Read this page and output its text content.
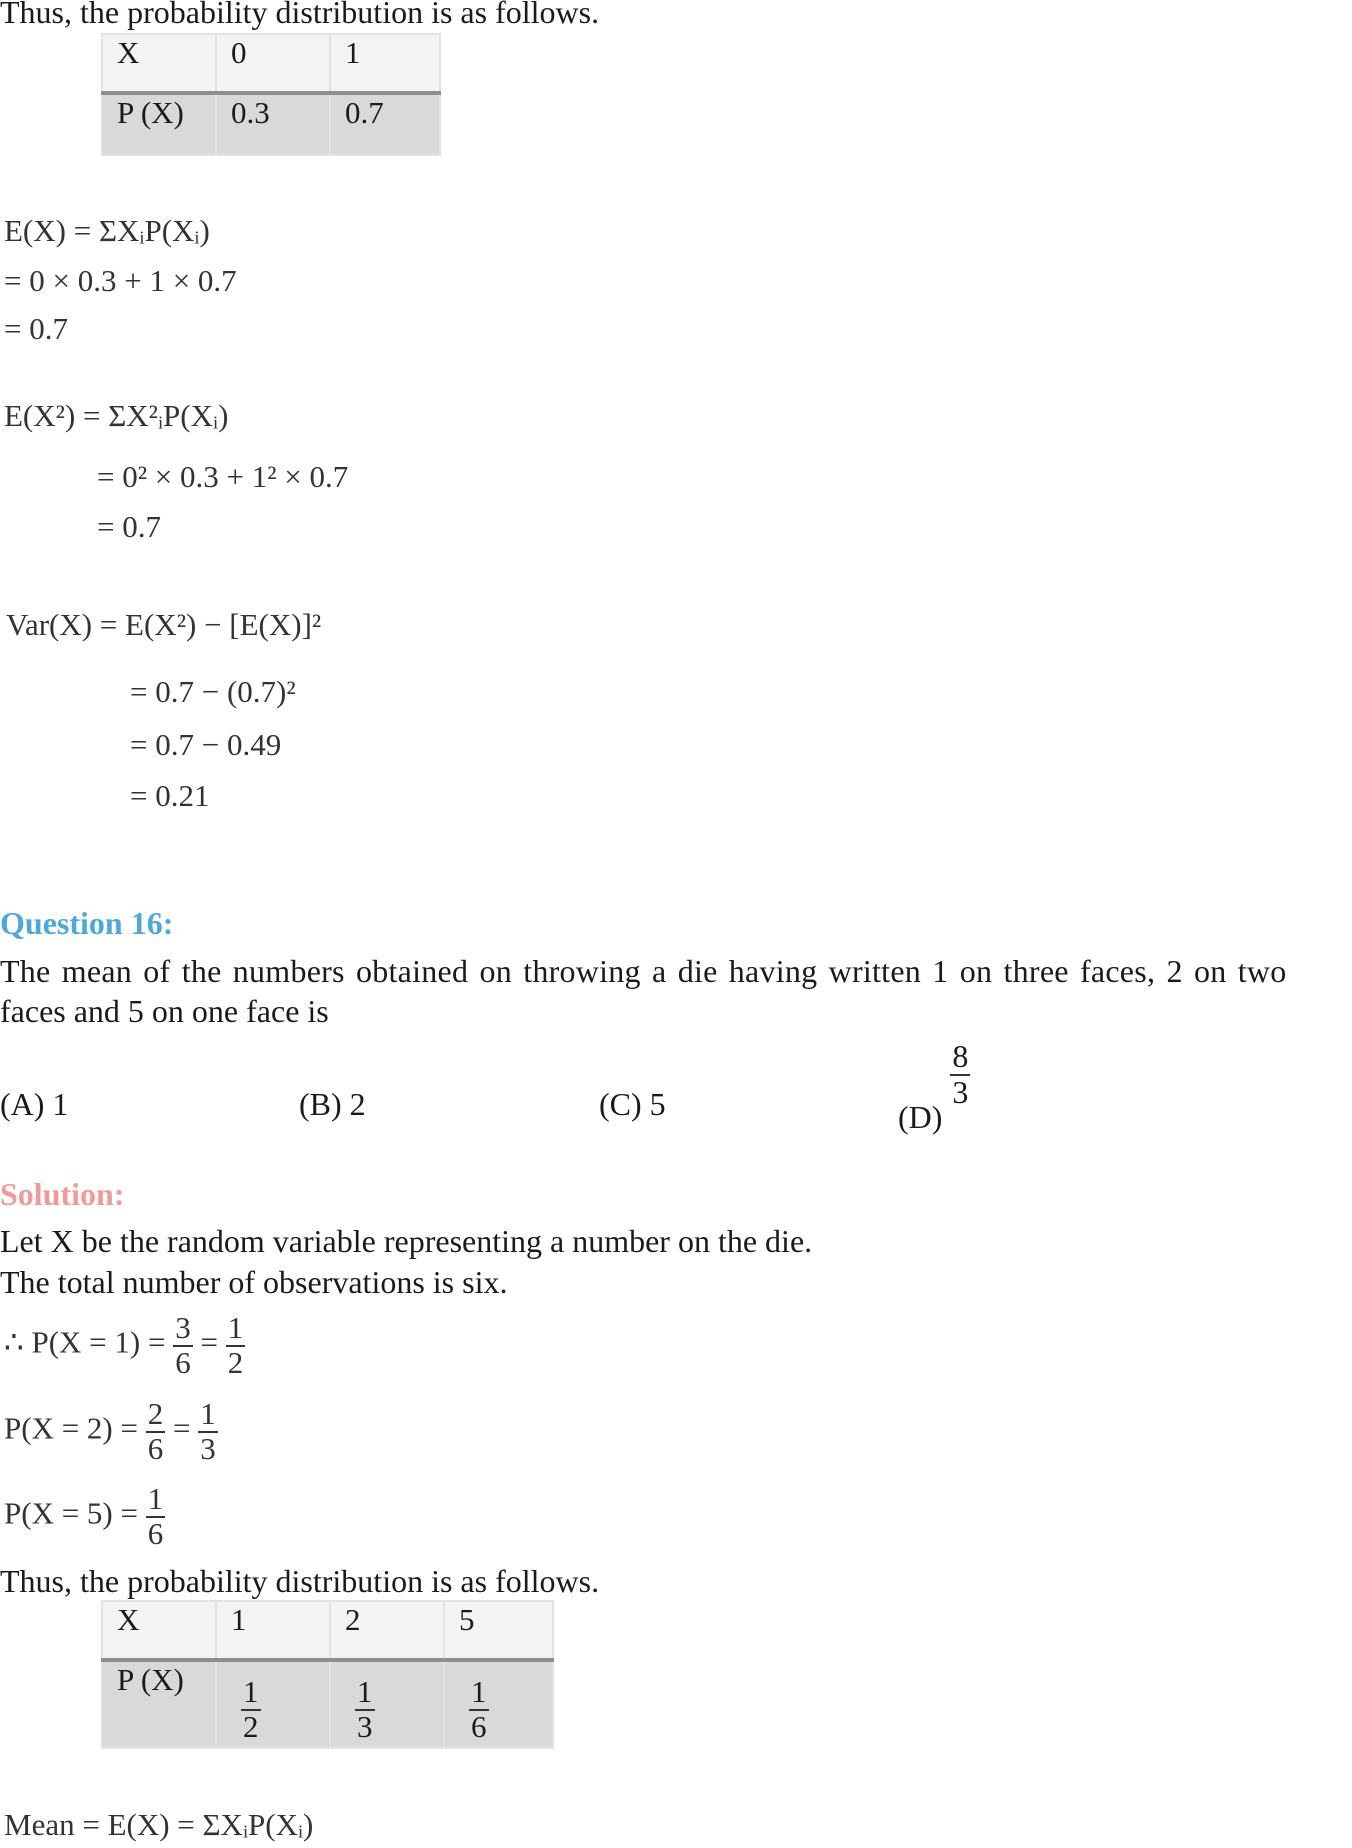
Thus, the probability distribution is as follows.
X	0	1
P (X)	0.3	0.7
E(X) = ΣXᵢP(Xᵢ)
= 0 × 0.3 + 1 × 0.7
= 0.7
E(X²) = ΣX²ᵢP(Xᵢ)
= 0² × 0.3 + 1² × 0.7
= 0.7
Var(X) = E(X²) − [E(X)]²
= 0.7 − (0.7)²
= 0.7 − 0.49
= 0.21
Question 16:
The mean of the numbers obtained on throwing a die having written 1 on three faces, 2 on two
faces and 5 on one face is
(A) 1	(B) 2	(C) 5	(D)
$\frac{8}{3}$
Solution:
Let X be the random variable representing a number on the die.
The total number of observations is six.
∴ $P(X = 1) = \frac{3}{6} = \frac{1}{2}$
$P(X = 2) = \frac{2}{6} = \frac{1}{3}$
$P(X = 5) = \frac{1}{6}$
Thus, the probability distribution is as follows.
X	1	2	5
P (X)	$\frac{1}{2}$	$\frac{1}{3}$	$\frac{1}{6}$
Mean = E(X) = ΣXᵢP(Xᵢ)
